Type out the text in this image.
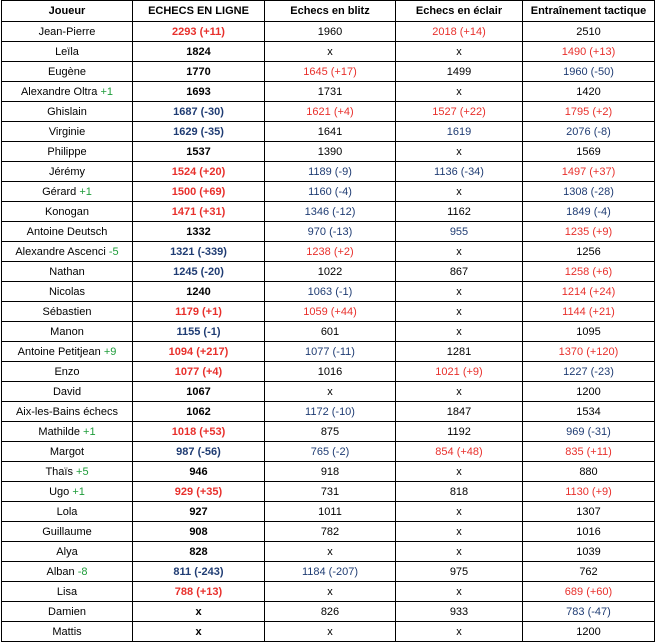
Joueur	ECHECS EN LIGNE	Echecs en blitz	Echecs en éclair	Entraînement tactique
Jean-Pierre	2293 (+11)	1960	2018 (+14)	2510
Leïla	1824	x	x	1490 (+13)
Eugène	1770	1645 (+17)	1499	1960 (-50)
Alexandre Oltra +1	1693	1731	x	1420
Ghislain	1687 (-30)	1621 (+4)	1527 (+22)	1795 (+2)
Virginie	1629 (-35)	1641	1619	2076 (-8)
Philippe	1537	1390	x	1569
Jérémy	1524 (+20)	1189 (-9)	1136 (-34)	1497 (+37)
Gérard +1	1500 (+69)	1160 (-4)	x	1308 (-28)
Konogan	1471 (+31)	1346 (-12)	1162	1849 (-4)
Antoine Deutsch	1332	970 (-13)	955	1235 (+9)
Alexandre Ascenci -5	1321 (-339)	1238 (+2)	x	1256
Nathan	1245 (-20)	1022	867	1258 (+6)
Nicolas	1240	1063 (-1)	x	1214 (+24)
Sébastien	1179 (+1)	1059 (+44)	x	1144 (+21)
Manon	1155 (-1)	601	x	1095
Antoine Petitjean +9	1094 (+217)	1077 (-11)	1281	1370 (+120)
Enzo	1077 (+4)	1016	1021 (+9)	1227 (-23)
David	1067	x	x	1200
Aix-les-Bains échecs	1062	1172 (-10)	1847	1534
Mathilde +1	1018 (+53)	875	1192	969 (-31)
Margot	987 (-56)	765 (-2)	854 (+48)	835 (+11)
Thaïs +5	946	918	x	880
Ugo +1	929 (+35)	731	818	1130 (+9)
Lola	927	1011	x	1307
Guillaume	908	782	x	1016
Alya	828	x	x	1039
Alban -8	811 (-243)	1184 (-207)	975	762
Lisa	788 (+13)	x	x	689 (+60)
Damien	x	826	933	783 (-47)
Mattis	x	x	x	1200
